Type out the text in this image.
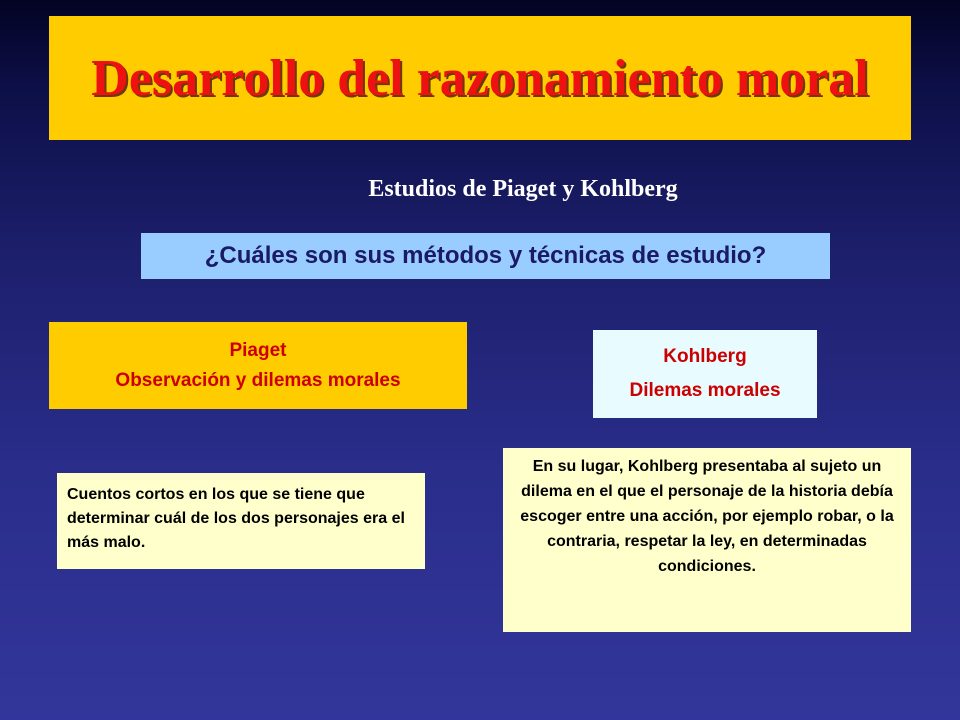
Desarrollo del razonamiento moral
Estudios de Piaget y Kohlberg
¿Cuáles son sus métodos y técnicas de estudio?
Piaget
Observación y dilemas morales
Kohlberg
Dilemas morales
Cuentos cortos en los que se tiene que determinar cuál de los dos personajes era el más malo.
En su lugar, Kohlberg presentaba al sujeto un dilema en el que el personaje de la historia debía escoger entre una acción, por ejemplo robar, o la contraria, respetar la ley, en determinadas condiciones.
